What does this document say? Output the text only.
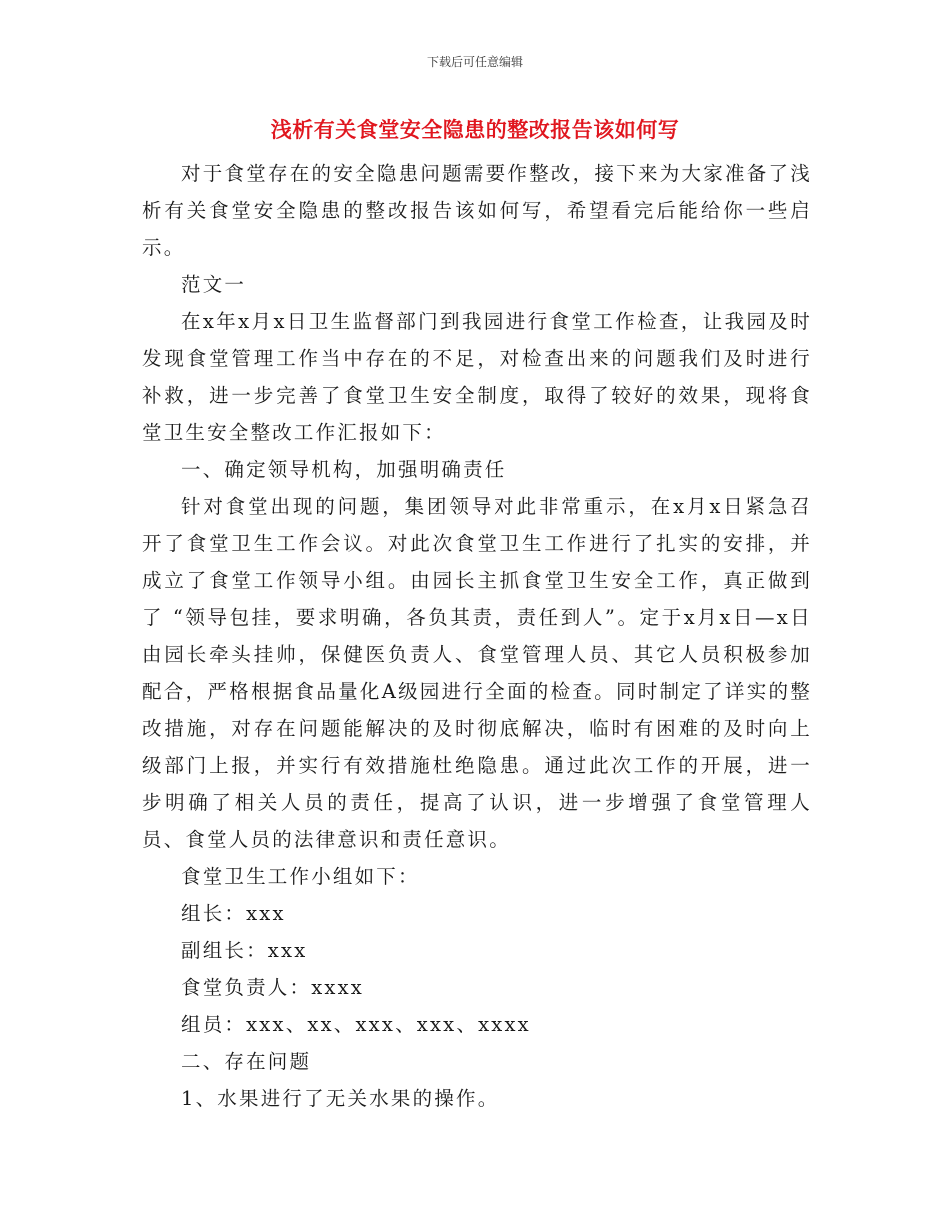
下载后可任意编辑
浅析有关食堂安全隐患的整改报告该如何写

对于食堂存在的安全隐患问题需要作整改，接下来为大家准备了浅析有关食堂安全隐患的整改报告该如何写，希望看完后能给你一些启示。

范文一

在x年x月x日卫生监督部门到我园进行食堂工作检查，让我园及时发现食堂管理工作当中存在的不足，对检查出来的问题我们及时进行补救，进一步完善了食堂卫生安全制度，取得了较好的效果，现将食堂卫生安全整改工作汇报如下：

一、确定领导机构，加强明确责任

针对食堂出现的问题，集团领导对此非常重示，在x月x日紧急召开了食堂卫生工作会议。对此次食堂卫生工作进行了扎实的安排，并成立了食堂工作领导小组。由园长主抓食堂卫生安全工作，真正做到了 “领导包挂，要求明确，各负其责，责任到人”。定于x月x日—x日由园长牵头挂帅，保健医负责人、食堂管理人员、其它人员积极参加配合，严格根据食品量化A级园进行全面的检查。同时制定了详实的整改措施，对存在问题能解决的及时彻底解决，临时有困难的及时向上级部门上报，并实行有效措施杜绝隐患。通过此次工作的开展，进一步明确了相关人员的责任，提高了认识，进一步增强了食堂管理人员、食堂人员的法律意识和责任意识。

食堂卫生工作小组如下：

组长：xxx

副组长：xxx

食堂负责人：xxxx

组员：xxx、xx、xxx、xxx、xxxx

二、存在问题

1、水果进行了无关水果的操作。
